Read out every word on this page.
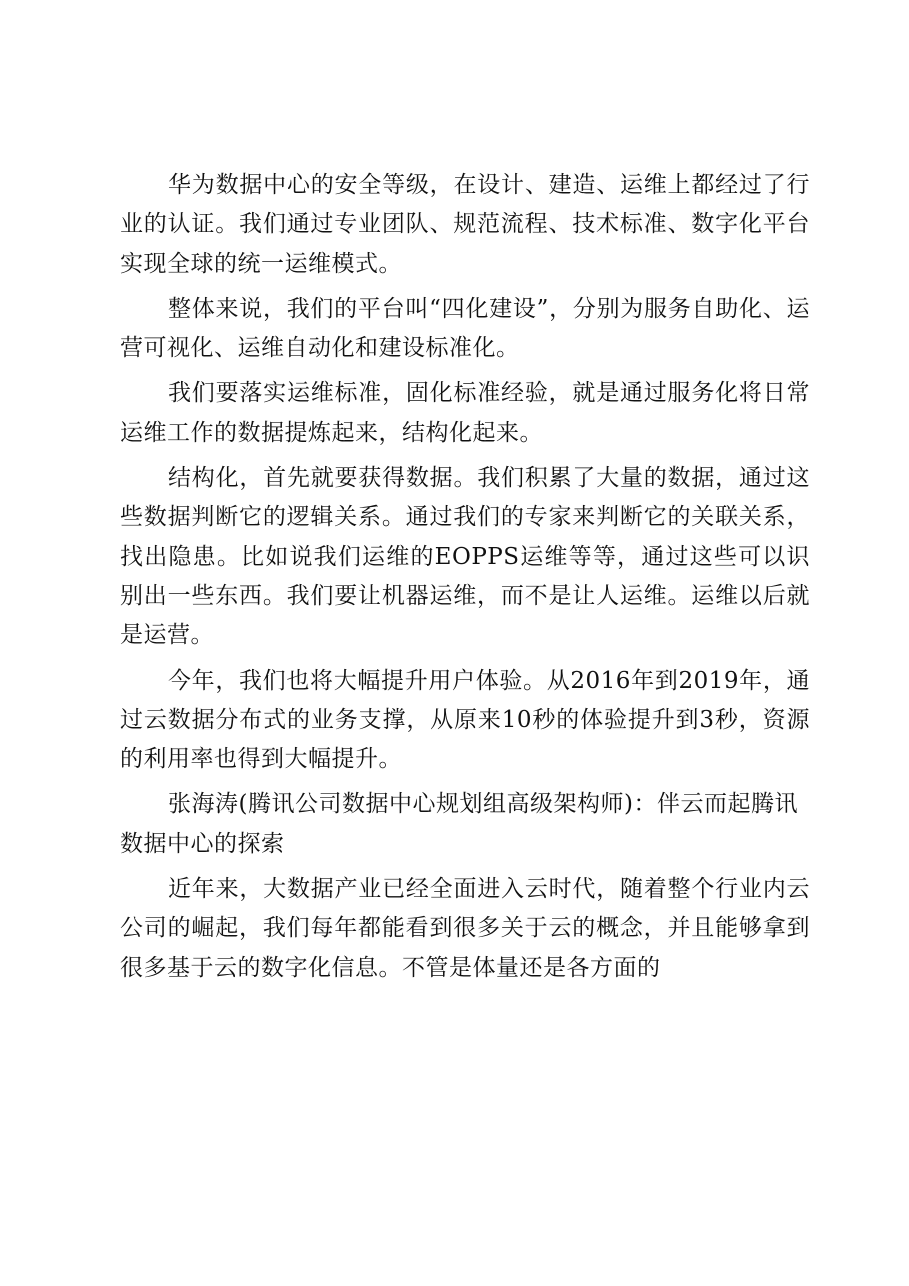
华为数据中心的安全等级，在设计、建造、运维上都经过了行业的认证。我们通过专业团队、规范流程、技术标准、数字化平台实现全球的统一运维模式。

整体来说，我们的平台叫“四化建设”，分别为服务自助化、运营可视化、运维自动化和建设标准化。

我们要落实运维标准，固化标准经验，就是通过服务化将日常运维工作的数据提炼起来，结构化起来。

结构化，首先就要获得数据。我们积累了大量的数据，通过这些数据判断它的逻辑关系。通过我们的专家来判断它的关联关系，找出隐患。比如说我们运维的EOPPS运维等等，通过这些可以识别出一些东西。我们要让机器运维，而不是让人运维。运维以后就是运营。

今年，我们也将大幅提升用户体验。从2016年到2019年，通过云数据分布式的业务支撑，从原来10秒的体验提升到3秒，资源的利用率也得到大幅提升。

张海涛(腾讯公司数据中心规划组高级架构师)：伴云而起腾讯数据中心的探索

近年来，大数据产业已经全面进入云时代，随着整个行业内云公司的崛起，我们每年都能看到很多关于云的概念，并且能够拿到很多基于云的数字化信息。不管是体量还是各方面的
